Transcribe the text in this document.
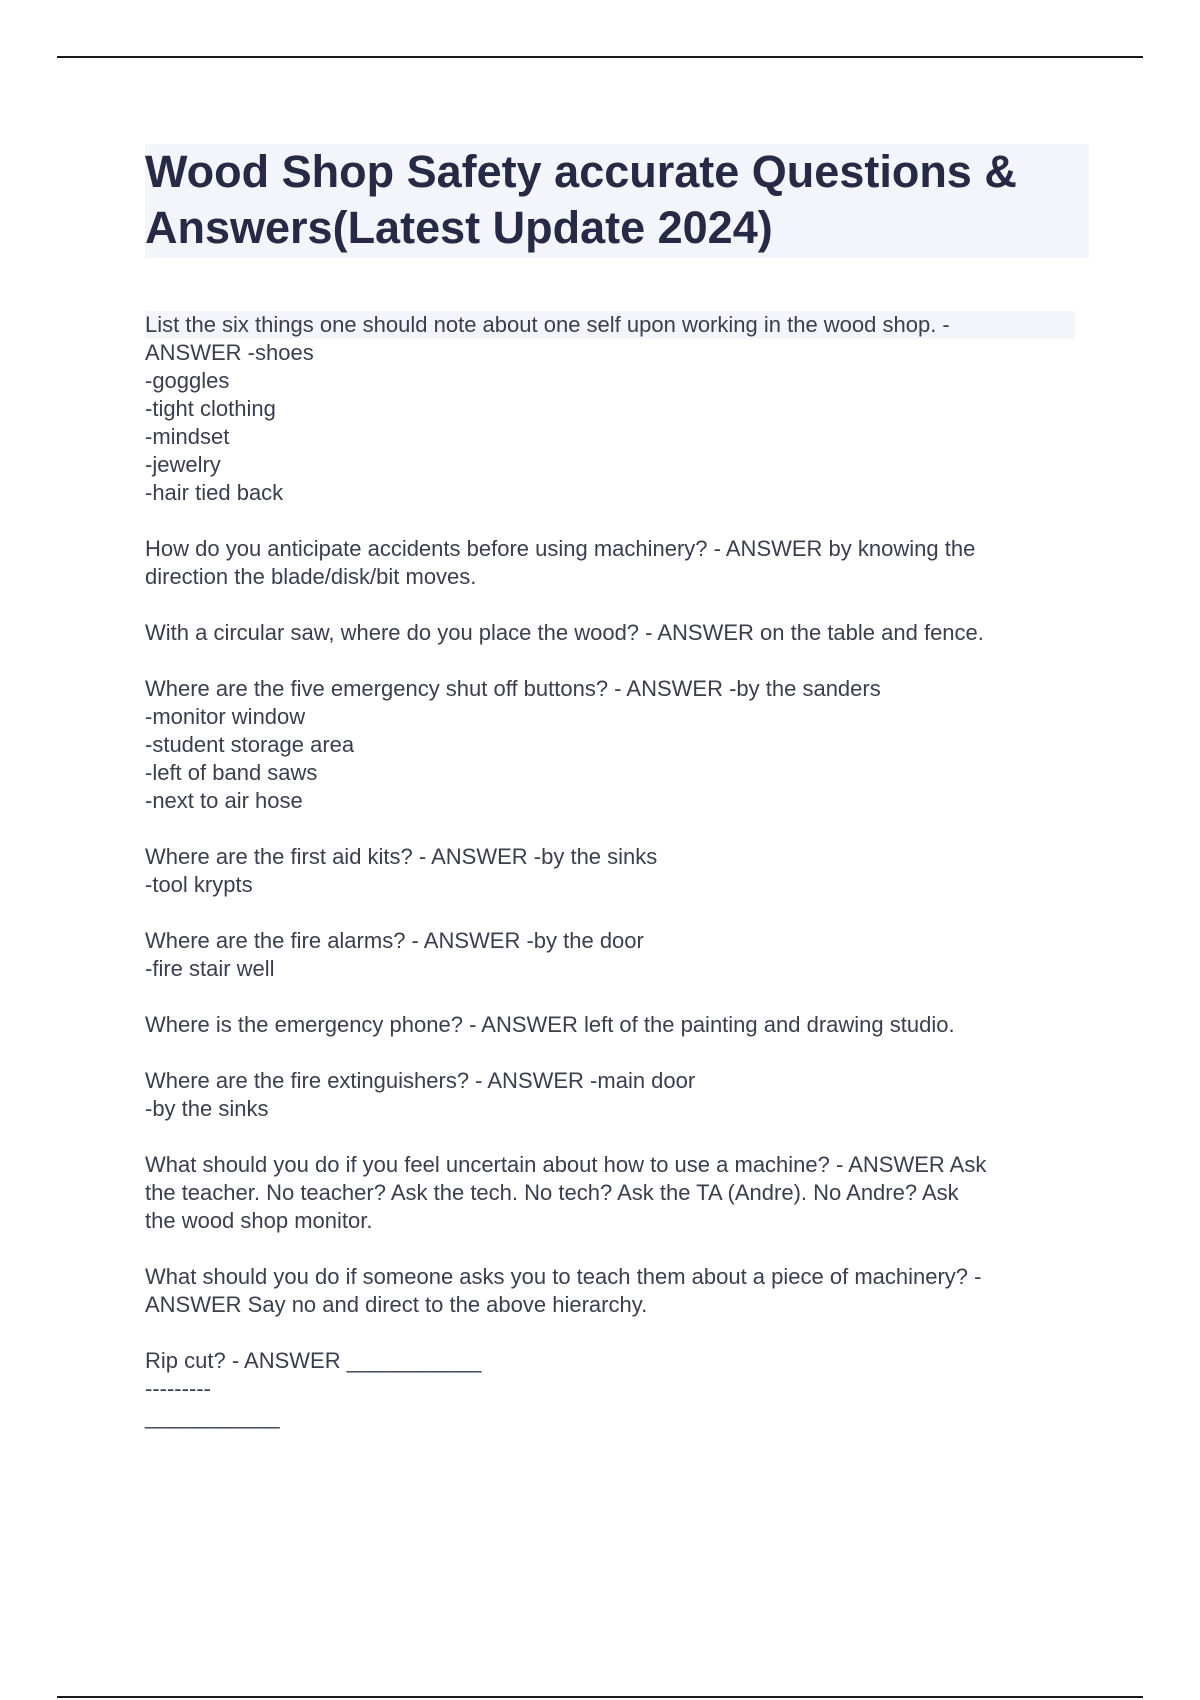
Wood Shop Safety accurate Questions &
Answers(Latest Update 2024)
List the six things one should note about one self upon working in the wood shop. -
ANSWER -shoes
-goggles
-tight clothing
-mindset
-jewelry
-hair tied back
How do you anticipate accidents before using machinery? - ANSWER by knowing the
direction the blade/disk/bit moves.
With a circular saw, where do you place the wood? - ANSWER on the table and fence.
Where are the five emergency shut off buttons? - ANSWER -by the sanders
-monitor window
-student storage area
-left of band saws
-next to air hose
Where are the first aid kits? - ANSWER -by the sinks
-tool krypts
Where are the fire alarms? - ANSWER -by the door
-fire stair well
Where is the emergency phone? - ANSWER left of the painting and drawing studio.
Where are the fire extinguishers? - ANSWER -main door
-by the sinks
What should you do if you feel uncertain about how to use a machine? - ANSWER Ask
the teacher. No teacher? Ask the tech. No tech? Ask the TA (Andre). No Andre? Ask
the wood shop monitor.
What should you do if someone asks you to teach them about a piece of machinery? -
ANSWER Say no and direct to the above hierarchy.
Rip cut? - ANSWER ___________
---------
___________
